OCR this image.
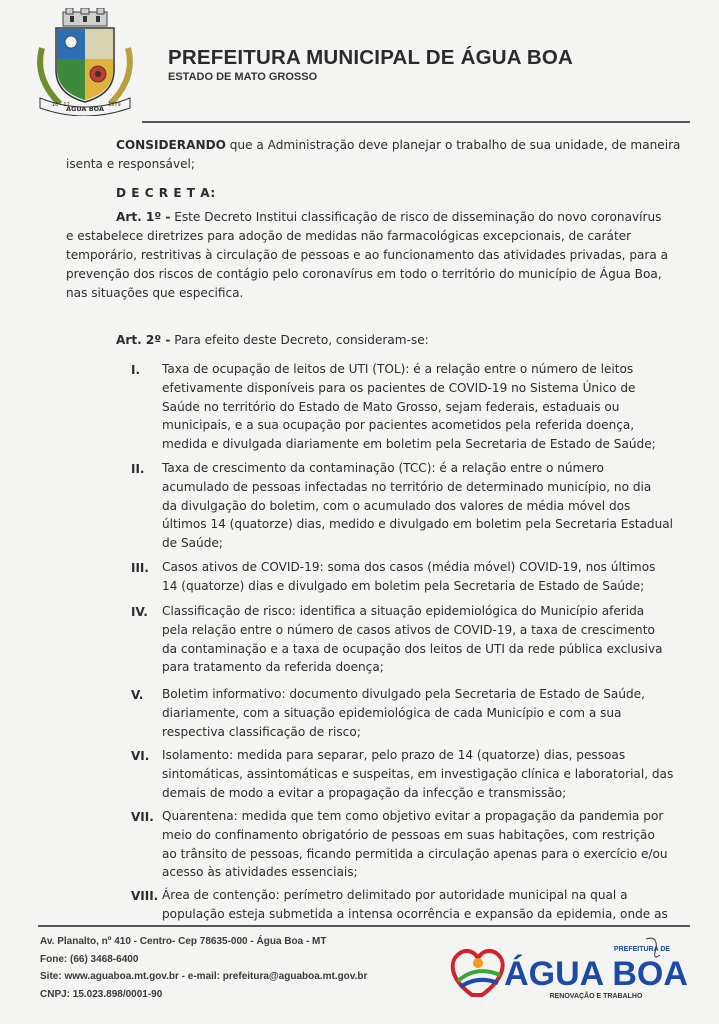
ÁGUA BOA
16 - 12	1979
PREFEITURA MUNICIPAL DE ÁGUA BOA
ESTADO DE MATO GROSSO
CONSIDERANDO que a Administração deve planejar o trabalho de sua unidade, de maneira
isenta e responsável;
D E C R E T A:
Art. 1º - Este Decreto Institui classificação de risco de disseminação do novo coronavírus
e estabelece diretrizes para adoção de medidas não farmacológicas excepcionais, de caráter
temporário, restritivas à circulação de pessoas e ao funcionamento das atividades privadas, para a
prevenção dos riscos de contágio pelo coronavírus em todo o território do município de Água Boa,
nas situações que especifica.
Art. 2º - Para efeito deste Decreto, consideram-se:
I. Taxa de ocupação de leitos de UTI (TOL): é a relação entre o número de leitos
efetivamente disponíveis para os pacientes de COVID-19 no Sistema Único de
Saúde no território do Estado de Mato Grosso, sejam federais, estaduais ou
municipais, e a sua ocupação por pacientes acometidos pela referida doença,
medida e divulgada diariamente em boletim pela Secretaria de Estado de Saúde;
II. Taxa de crescimento da contaminação (TCC): é a relação entre o número
acumulado de pessoas infectadas no território de determinado município, no dia
da divulgação do boletim, com o acumulado dos valores de média móvel dos
últimos 14 (quatorze) dias, medido e divulgado em boletim pela Secretaria Estadual
de Saúde;
III. Casos ativos de COVID-19: soma dos casos (média móvel) COVID-19, nos últimos
14 (quatorze) dias e divulgado em boletim pela Secretaria de Estado de Saúde;
IV. Classificação de risco: identifica a situação epidemiológica do Município aferida
pela relação entre o número de casos ativos de COVID-19, a taxa de crescimento
da contaminação e a taxa de ocupação dos leitos de UTI da rede pública exclusiva
para tratamento da referida doença;
V. Boletim informativo: documento divulgado pela Secretaria de Estado de Saúde,
diariamente, com a situação epidemiológica de cada Município e com a sua
respectiva classificação de risco;
VI. Isolamento: medida para separar, pelo prazo de 14 (quatorze) dias, pessoas
sintomáticas, assintomáticas e suspeitas, em investigação clínica e laboratorial, das
demais de modo a evitar a propagação da infecção e transmissão;
VII. Quarentena: medida que tem como objetivo evitar a propagação da pandemia por
meio do confinamento obrigatório de pessoas em suas habitações, com restrição
ao trânsito de pessoas, ficando permitida a circulação apenas para o exercício e/ou
acesso às atividades essenciais;
VIII. Área de contenção: perímetro delimitado por autoridade municipal na qual a
população esteja submetida a intensa ocorrência e expansão da epidemia, onde as
Av. Planalto, nº 410 - Centro- Cep 78635-000 - Água Boa - MT
Fone: (66) 3468-6400
Site: www.aguaboa.mt.gov.br - e-mail: prefeitura@aguaboa.mt.gov.br
CNPJ: 15.023.898/0001-90
PREFEITURA DE
ÁGUA BOA
RENOVAÇÃO E TRABALHO
